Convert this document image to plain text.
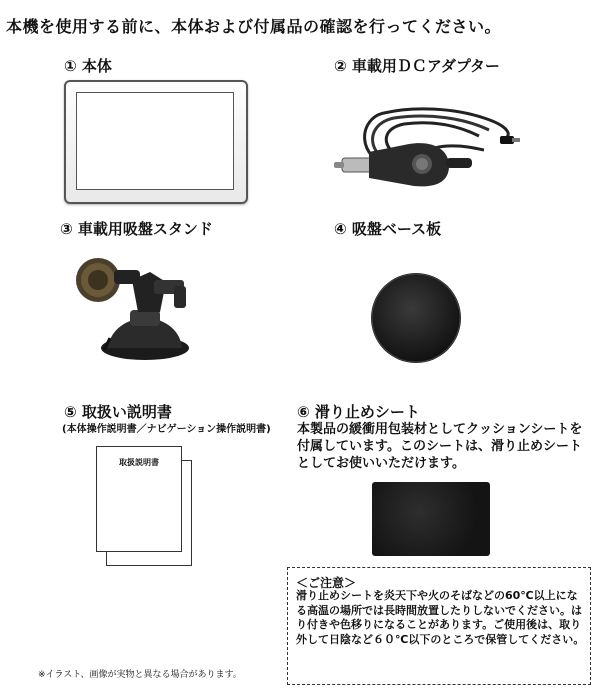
本機を使用する前に、本体および付属品の確認を行ってください。
① 本体	② 車載用ＤＣアダプター
③ 車載用吸盤スタンド	④ 吸盤ベース板
⑤ 取扱い説明書
(本体操作説明書／ナビゲーション操作説明書)
取扱説明書
⑥ 滑り止めシート
本製品の緩衝用包装材としてクッションシートを付属しています。このシートは、滑り止めシートとしてお使いいただけます。
＜ご注意＞
滑り止めシートを炎天下や火のそばなどの60℃以上になる高温の場所では長時間放置したりしないでください。はり付きや色移りになることがあります。ご使用後は、取り外して日陰など６０℃以下のところで保管してください。
※イラスト、画像が実物と異なる場合があります。
